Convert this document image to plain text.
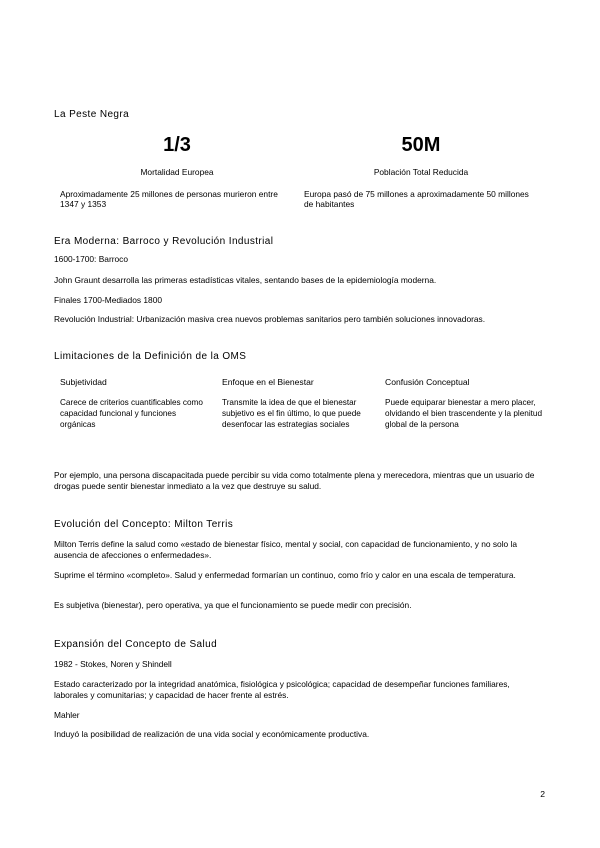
La Peste Negra
1/3
Mortalidad Europea
Aproximadamente 25 millones de personas murieron entre 1347 y 1353
50M
Población Total Reducida
Europa pasó de 75 millones a aproximadamente 50 millones de habitantes
Era Moderna: Barroco y Revolución Industrial

1600-1700: Barroco

John Graunt desarrolla las primeras estadísticas vitales, sentando bases de la epidemiología moderna.

Finales 1700-Mediados 1800

Revolución Industrial: Urbanización masiva crea nuevos problemas sanitarios pero también soluciones innovadoras.

Limitaciones de la Definición de la OMS
Subjetividad
Carece de criterios cuantificables como capacidad funcional y funciones orgánicas
Enfoque en el Bienestar
Transmite la idea de que el bienestar subjetivo es el fin último, lo que puede desenfocar las estrategias sociales
Confusión Conceptual
Puede equiparar bienestar a mero placer, olvidando el bien trascendente y la plenitud global de la persona

Por ejemplo, una persona discapacitada puede percibir su vida como totalmente plena y merecedora, mientras que un usuario de drogas puede sentir bienestar inmediato a la vez que destruye su salud.

Evolución del Concepto: Milton Terris

Milton Terris define la salud como «estado de bienestar físico, mental y social, con capacidad de funcionamiento, y no solo la ausencia de afecciones o enfermedades».

Suprime el término «completo». Salud y enfermedad formarían un continuo, como frío y calor en una escala de temperatura.

Es subjetiva (bienestar), pero operativa, ya que el funcionamiento se puede medir con precisión.

Expansión del Concepto de Salud

1982 - Stokes, Noren y Shindell

Estado caracterizado por la integridad anatómica, fisiológica y psicológica; capacidad de desempeñar funciones familiares, laborales y comunitarias; y capacidad de hacer frente al estrés.

Mahler

Induyó la posibilidad de realización de una vida social y económicamente productiva.

2
